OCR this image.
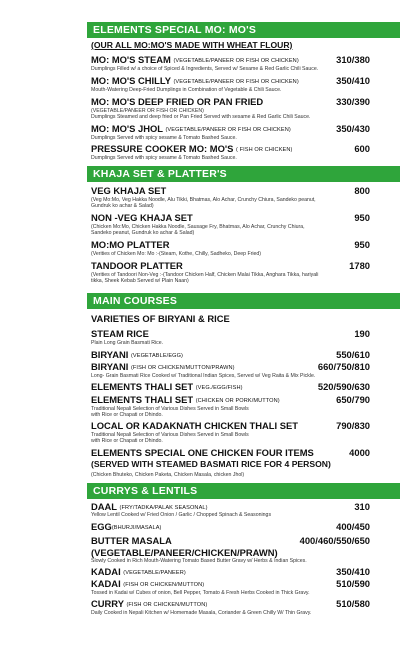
ELEMENTS SPECIAL MO: MO'S
(OUR ALL MO:MO'S MADE WITH WHEAT FLOUR)
MO: MO'S STEAM (VEGETABLE/PANEER OR FISH OR CHICKEN)	310/380
Dumplings Filled w/ a choice of Spiced & Ingredients, Served w/ Sesame & Red Garlic Chili Sauce.
MO: MO'S CHILLY (VEGETABLE/PANEER OR FISH OR CHICKEN)	350/410
Mouth-Watering Deep-Fried Dumplings in Combination of Vegetable & Chili Sauce.
MO: MO'S DEEP FRIED OR PAN FRIED	330/390
(VEGETABLE/PANEER OR FISH OR CHICKEN)
Dumplings Steamed and deep fried or Pan Fried Served with sesame & Red Garlic Chili Sauce.
MO: MO'S JHOL (VEGETABLE/PANEER OR FISH OR CHICKEN)	350/430
Dumplings Served with spicy sesame & Tomato Bashed Sauce.
PRESSURE COOKER MO: MO'S ( FISH OR CHICKEN)	600
Dumplings Served with spicy sesame & Tomato Bashed Sauce.
KHAJA SET & PLATTER'S
VEG KHAJA SET	800
(Veg Mo:Mo, Veg Hakka Noodle, Alu Tikki, Bhatmas, Alo Achar, Crunchy Chiura, Sandeko peanut,
Gundruk ko achar & Salad)
NON -VEG KHAJA SET	950
(Chicken Mo:Mo, Chicken Hakka Noodle, Sausage Fry, Bhatmas, Alo Achar, Crunchy Chiura,
Sandeko peanut, Gundruk ko achar & Salad)
MO:MO PLATTER	950
(Verities of Chicken Mo: Mo :-(Steam, Kothe, Chilly, Sadheko, Deep Fried)
TANDOOR PLATTER	1780
(Verities of Tandoori Non-Veg :-(Tandoor Chicken Half, Chicken Malai Tikka, Anghara Tikka, hariyali
tikka, Sheek Kebab Served w/ Plain Naan)
MAIN COURSES
VARIETIES OF BIRYANI & RICE
STEAM RICE	190
Plain Long Grain Basmati Rice.
BIRYANI (VEGETABLE/EGG)	550/610
BIRYANI (FISH OR CHICKEN/MUTTON/PRAWN)	660/750/810
Long- Grain Basmati Rice Cooked w/ Traditional Indian Spices, Served w/ Veg Raita & Mix Pickle.
ELEMENTS THALI SET (VEG./EGG/FISH)	520/590/630
ELEMENTS THALI SET (CHICKEN OR PORK/MUTTON)	650/790
Traditional Nepali Selection of Various Dishes Served in Small Bowls
with Rice or Chapati or Dhindo.
LOCAL OR KADAKNATH CHICKEN THALI SET	790/830
Traditional Nepali Selection of Various Dishes Served in Small Bowls
with Rice or Chapati or Dhindo.
ELEMENTS SPECIAL ONE CHICKEN FOUR ITEMS	4000
(SERVED WITH STEAMED BASMATI RICE FOR 4 PERSON)
(Chicken Bhuteko, Chicken Paketa, Chicken Masala, chicken Jhol)
CURRYS & LENTILS
DAAL (FRY/TADKA/PALAK SEASONAL)	310
Yellow Lentil Cooked w/ Fried Onion / Garlic / Chopped Spinach & Seasonings
EGG(BHURJI/MASALA)	400/450
BUTTER MASALA	400/460/550/650
(VEGETABLE/PANEER/CHICKEN/PRAWN)
Slowly Cooked in Rich Mouth-Watering Tomato Based Butter Gravy w/ Herbs & Indian Spices.
KADAI (VEGETABLE/PANEER)	350/410
KADAI (FISH OR CHICKEN/MUTTON)	510/590
Tossed in Kadai w/ Cubes of onion, Bell Pepper, Tomato & Fresh Herbs Cooked in Thick Gravy.
CURRY (FISH OR CHICKEN/MUTTON)	510/580
Daily Cooked in Nepali Kitchen w/ Homemade Masala, Coriander & Green Chilly W/ Thin Gravy.
